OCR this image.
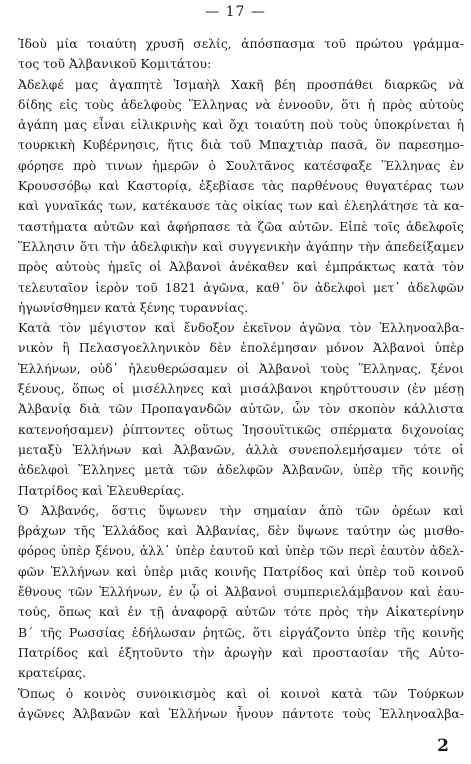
— 17 —
Ἰδοὺ μία τοιαύτη χρυσῆ σελίς, ἀπόσπασμα τοῦ πρώτου γράμμα-
τος τοῦ Ἀλβανικοῦ Κομιτάτου:
Ἀδελφέ μας ἀγαπητὲ Ἰσμαὴλ Χακῆ βέη προσπάθει διαρκῶς νὰ
δίδης εἰς τοὺς ἀδελφοὺς Ἕλληνας νὰ ἐννοοῦν, ὅτι ἡ πρὸς αὐτοὺς
ἀγάπη μας εἶναι εἰλικρινὴς καὶ ὄχι τοιαύτη ποὺ τοὺς ὑποκρίνεται ἡ
τουρκικὴ Κυβέρνησις, ἥτις διὰ τοῦ Μπαχτιὰρ πασᾶ, ὃν παρεσημο-
φόρησε πρὸ τινων ἡμερῶν ὁ Σουλτᾶνος κατέσφαξε Ἕλληνας ἐν
Κρουσσόβῳ καὶ Καστορίᾳ, ἐξεβίασε τὰς παρθένους θυγατέρας των
καὶ γυναῖκάς των, κατέκαυσε τὰς οἰκίας των καὶ ἐλεηλάτησε τὰ κα-
ταστήματα αὐτῶν καὶ ἀφήρπασε τὰ ζῶα αὐτῶν. Εἰπὲ τοῖς ἀδελφοῖς
Ἕλλησιν ὅτι τὴν ἀδελφικὴν καὶ συγγενικὴν ἀγάπην τὴν ἀπεδείξαμεν
πρὸς αὐτοὺς ἡμεῖς οἱ Ἀλβανοὶ ἀνέκαθεν καὶ ἐμπράκτως κατὰ τὸν
τελευταῖον ἱερὸν τοῦ 1821 ἀγῶνα, καθ᾽ ὃν ἀδελφοὶ μετ᾽ ἀδελφῶν
ἡγωνίσθημεν κατὰ ξένης τυραννίας.
Κατὰ τὸν μέγιστον καὶ ἔνδοξον ἐκεῖνον ἀγῶνα τὸν Ἑλληνοαλβα-
νικὸν ἢ Πελασγοελληνικὸν δὲν ἐπολέμησαν μόνον Ἀλβανοὶ ὑπὲρ
Ἑλλήνων, οὐδ᾽ ἠλευθερώσαμεν οἱ Ἀλβανοὶ τοὺς Ἕλληνας, ξένοι
ξένους, ὅπως οἱ μισέλληνες καὶ μισάλβανοι κηρύττουσιν (ἐν μέσῃ
Ἀλβανίᾳ διὰ τῶν Προπαγανδῶν αὐτῶν, ὧν τὸν σκοπὸν κάλλιστα
κατενοήσαμεν) ῥίπτοντες οὕτως Ἰησουϊτικῶς σπέρματα διχονοίας
μεταξὺ Ἑλλήνων καὶ Ἀλβανῶν, ἀλλὰ συνεπολεμήσαμεν τότε οἱ
ἀδελφοὶ Ἕλληνες μετὰ τῶν ἀδελφῶν Ἀλβανῶν, ὑπὲρ τῆς κοινῆς
Πατρίδος καὶ Ἐλευθερίας.
Ὁ Ἀλβανός, ὅστις ὕψωνεν τὴν σημαίαν ἀπὸ τῶν ὀρέων καὶ
βράχων τῆς Ἑλλάδος καὶ Ἀλβανίας, δὲν ὕψωνε ταύτην ὡς μισθο-
φόρος ὑπὲρ ξένου, ἀλλ᾽ ὑπὲρ ἑαυτοῦ καὶ ὑπὲρ τῶν περὶ ἑαυτὸν ἀδελ-
φῶν Ἑλλήνων καὶ ὑπὲρ μιᾶς κοινῆς Πατρίδος καὶ ὑπὲρ τοῦ κοινοῦ
ἔθνους τῶν Ἑλλήνων, ἐν ᾧ οἱ Ἀλβανοὶ συμπεριελάμβανον καὶ ἑαυ-
τούς, ὅπως καὶ ἐν τῇ ἀναφορᾷ αὐτῶν τότε πρὸς τὴν Αἰκατερίνην
Β΄ τῆς Ρωσσίας ἐδήλωσαν ῥητῶς, ὅτι εἰργάζοντο ὑπὲρ τῆς κοινῆς
Πατρίδος καὶ ἐξητοῦντο τὴν ἀρωγὴν καὶ προστασίαν τῆς Αὐτο-
κρατείρας.
Ὅπως ὁ κοινὸς συνοικισμὸς καὶ οἱ κοινοὶ κατὰ τῶν Τούρκων
ἀγῶνες Ἀλβανῶν καὶ Ἑλλήνων ἦνουν πάντοτε τοὺς Ἑλληνοαλβα-
2
